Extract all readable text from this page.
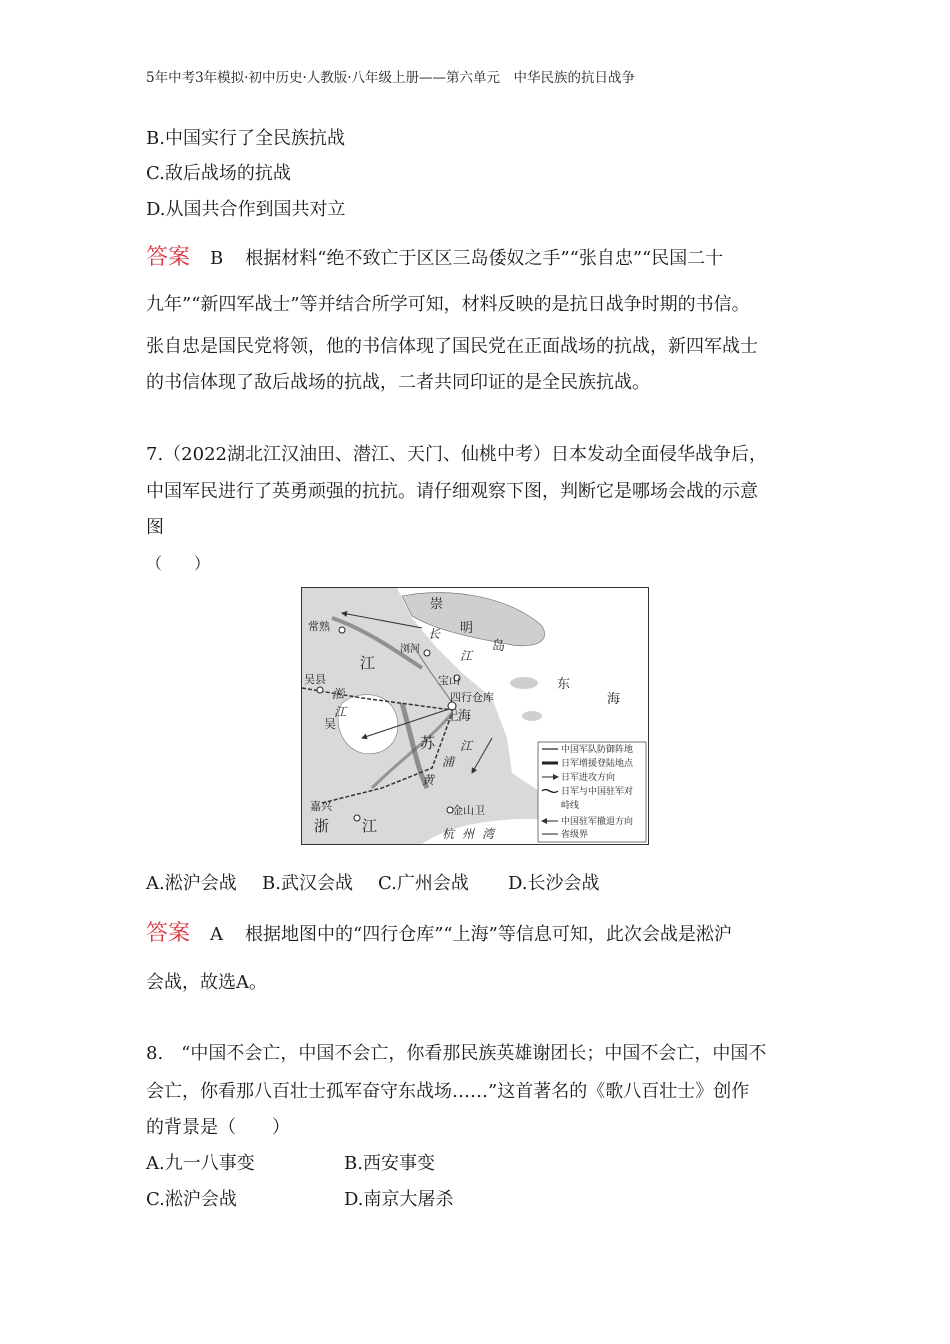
5年中考3年模拟·初中历史·人教版·八年级上册——第六单元　中华民族的抗日战争
B.中国实行了全民族抗战
C.敌后战场的抗战
D.从国共合作到国共对立
答案 B 根据材料“绝不致亡于区区三岛倭奴之手”“张自忠”“民国二十
九年”“新四军战士”等并结合所学可知，材料反映的是抗日战争时期的书信。
张自忠是国民党将领，他的书信体现了国民党在正面战场的抗战，新四军战士
的书信体现了敌后战场的抗战，二者共同印证的是全民族抗战。
7.（2022湖北江汉油田、潜江、天门、仙桃中考）日本发动全面侵华战争后，
中国军民进行了英勇顽强的抗抗。请仔细观察下图，判断它是哪场会战的示意
图
（　　）
崇
明
岛
长
江
常熟
浏河
宝山
四行仓库
上
海
东
海
吴县
江
淞
江
吴
苏
黄
浦
江
嘉兴
浙 江
金山卫
杭 州 湾
中国军队防御阵地
日军增援登陆地点
日军进攻方向
日军与中国驻军对
峙线
中国驻军撤退方向
省级界
A.淞沪会战 B.武汉会战 C.广州会战 D.长沙会战
答案 A 根据地图中的“四行仓库”“上海”等信息可知，此次会战是淞沪
会战，故选A。
8.　“中国不会亡，中国不会亡，你看那民族英雄谢团长；中国不会亡，中国不
会亡，你看那八百壮士孤军奋守东战场……”这首著名的《歌八百壮士》创作
的背景是（　　）
A.九一八事变	B.西安事变
C.淞沪会战	D.南京大屠杀
